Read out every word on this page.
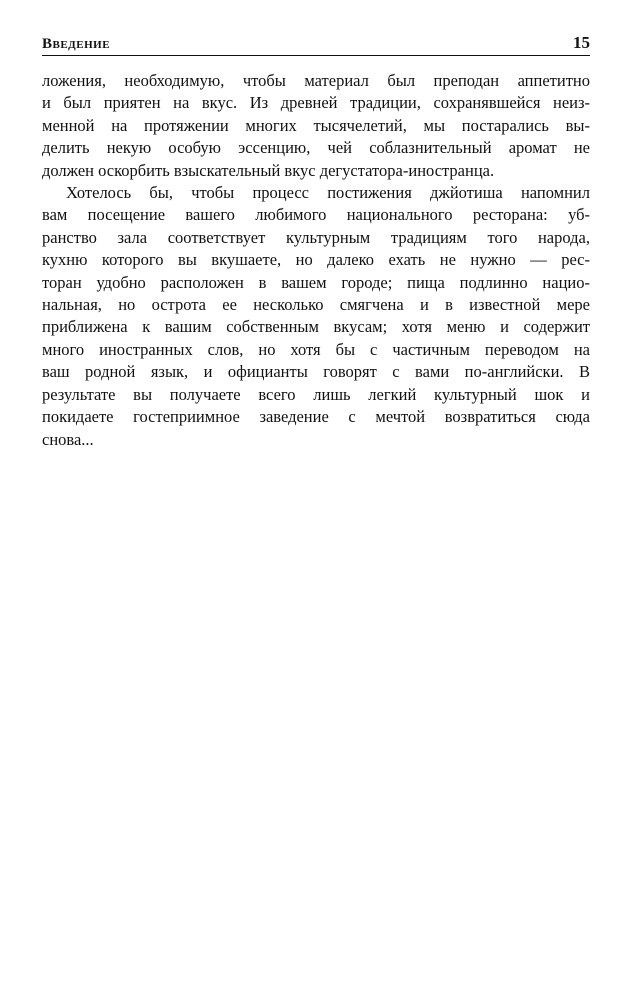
Введение	15
ложения, необходимую, чтобы материал был преподан аппетитно
и был приятен на вкус. Из древней традиции, сохранявшейся неиз-
менной на протяжении многих тысячелетий, мы постарались вы-
делить некую особую эссенцию, чей соблазнительный аромат не
должен оскорбить взыскательный вкус дегустатора-иностранца.
Хотелось бы, чтобы процесс постижения джйотиша напомнил
вам посещение вашего любимого национального ресторана: уб-
ранство зала соответствует культурным традициям того народа,
кухню которого вы вкушаете, но далеко ехать не нужно — рес-
торан удобно расположен в вашем городе; пища подлинно нацио-
нальная, но острота ее несколько смягчена и в известной мере
приближена к вашим собственным вкусам; хотя меню и содержит
много иностранных слов, но хотя бы с частичным переводом на
ваш родной язык, и официанты говорят с вами по-английски. В
результате вы получаете всего лишь легкий культурный шок и
покидаете гостеприимное заведение с мечтой возвратиться сюда
снова...
